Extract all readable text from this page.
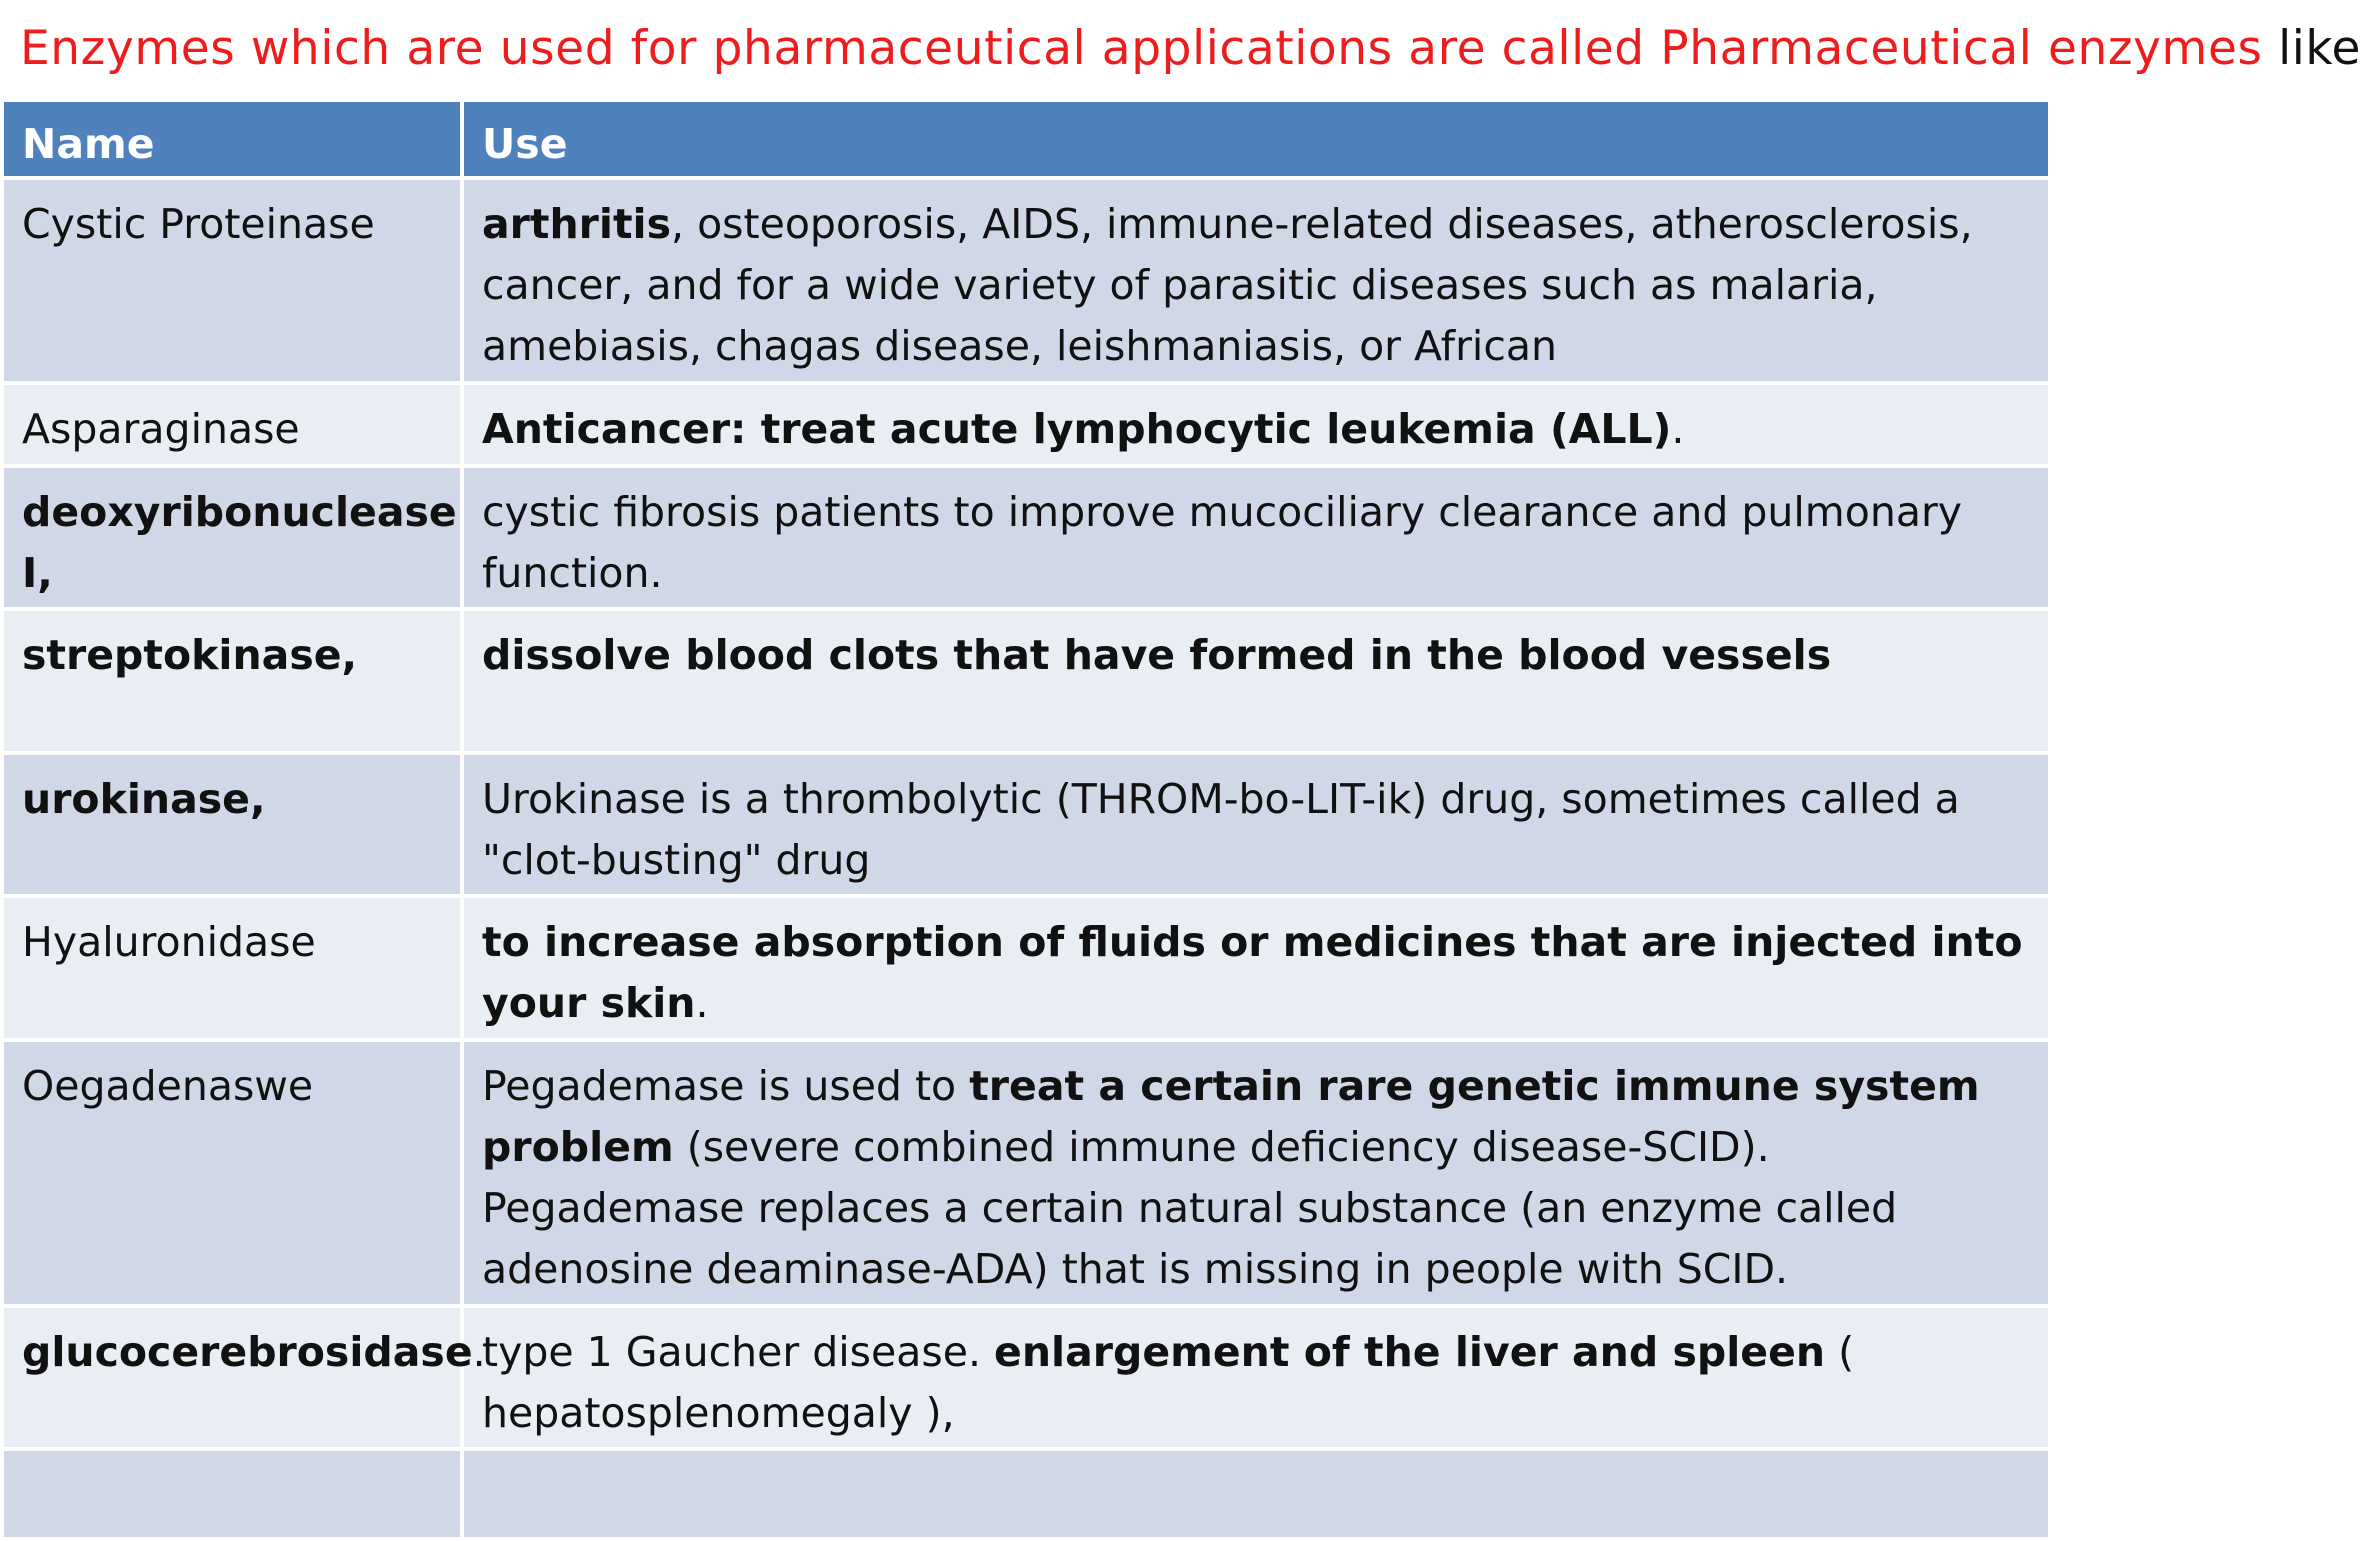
Enzymes which are used for pharmaceutical applications are called Pharmaceutical enzymes like
Name	Use
Cystic Proteinase	arthritis, osteoporosis, AIDS, immune-related diseases, atherosclerosis, cancer, and for a wide variety of parasitic diseases such as malaria, amebiasis, chagas disease, leishmaniasis, or African
Asparaginase	Anticancer: treat acute lymphocytic leukemia (ALL).
deoxyribonuclease I,	cystic fibrosis patients to improve mucociliary clearance and pulmonary function.
streptokinase,	dissolve blood clots that have formed in the blood vessels
urokinase,	Urokinase is a thrombolytic (THROM-bo-LIT-ik) drug, sometimes called a "clot-busting" drug
Hyaluronidase	to increase absorption of fluids or medicines that are injected into your skin.
Oegadenaswe	Pegademase is used to treat a certain rare genetic immune system problem (severe combined immune deficiency disease-SCID). Pegademase replaces a certain natural substance (an enzyme called adenosine deaminase-ADA) that is missing in people with SCID.
glucocerebrosidase.	type 1 Gaucher disease. enlargement of the liver and spleen ( hepatosplenomegaly ),
